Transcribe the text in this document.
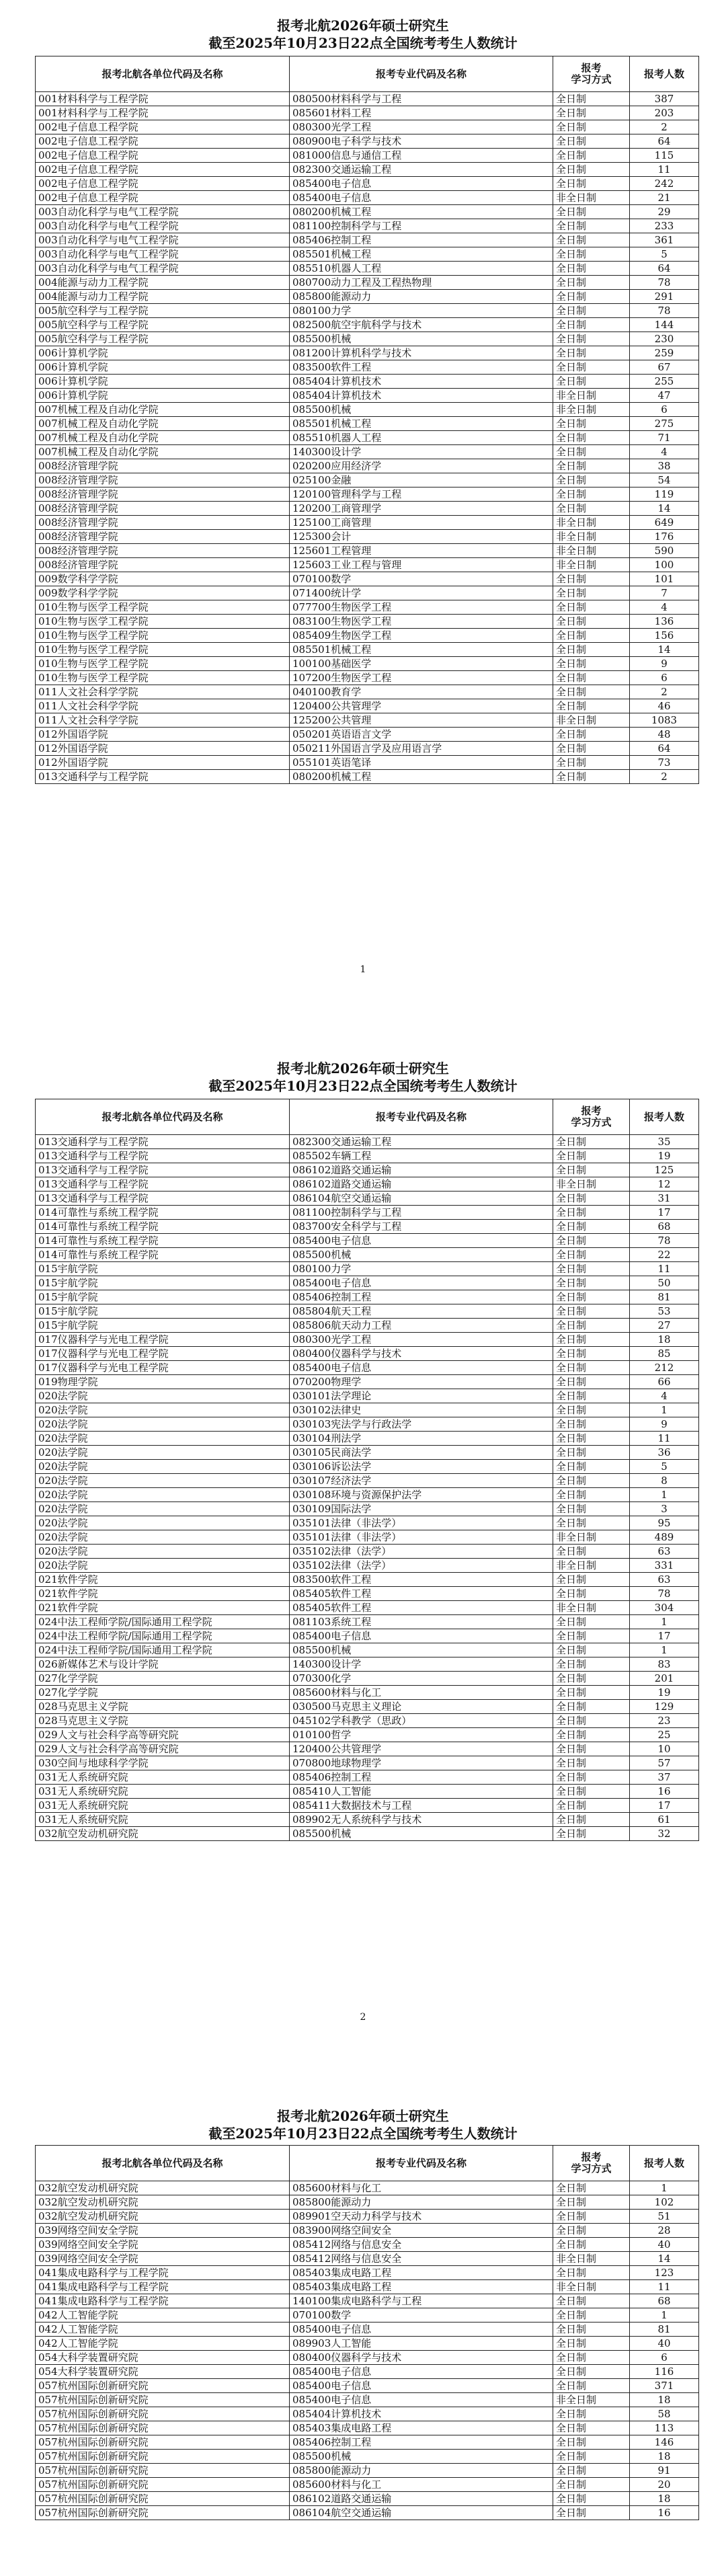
报考北航2026年硕士研究生
截至2025年10月23日22点全国统考考生人数统计
报考北航各单位代码及名称	报考专业代码及名称	报考
学习方式	报考人数
001材料科学与工程学院	080500材料科学与工程	全日制	387
001材料科学与工程学院	085601材料工程	全日制	203
002电子信息工程学院	080300光学工程	全日制	2
002电子信息工程学院	080900电子科学与技术	全日制	64
002电子信息工程学院	081000信息与通信工程	全日制	115
002电子信息工程学院	082300交通运输工程	全日制	11
002电子信息工程学院	085400电子信息	全日制	242
002电子信息工程学院	085400电子信息	非全日制	21
003自动化科学与电气工程学院	080200机械工程	全日制	29
003自动化科学与电气工程学院	081100控制科学与工程	全日制	233
003自动化科学与电气工程学院	085406控制工程	全日制	361
003自动化科学与电气工程学院	085501机械工程	全日制	5
003自动化科学与电气工程学院	085510机器人工程	全日制	64
004能源与动力工程学院	080700动力工程及工程热物理	全日制	78
004能源与动力工程学院	085800能源动力	全日制	291
005航空科学与工程学院	080100力学	全日制	78
005航空科学与工程学院	082500航空宇航科学与技术	全日制	144
005航空科学与工程学院	085500机械	全日制	230
006计算机学院	081200计算机科学与技术	全日制	259
006计算机学院	083500软件工程	全日制	67
006计算机学院	085404计算机技术	全日制	255
006计算机学院	085404计算机技术	非全日制	47
007机械工程及自动化学院	085500机械	非全日制	6
007机械工程及自动化学院	085501机械工程	全日制	275
007机械工程及自动化学院	085510机器人工程	全日制	71
007机械工程及自动化学院	140300设计学	全日制	4
008经济管理学院	020200应用经济学	全日制	38
008经济管理学院	025100金融	全日制	54
008经济管理学院	120100管理科学与工程	全日制	119
008经济管理学院	120200工商管理学	全日制	14
008经济管理学院	125100工商管理	非全日制	649
008经济管理学院	125300会计	非全日制	176
008经济管理学院	125601工程管理	非全日制	590
008经济管理学院	125603工业工程与管理	非全日制	100
009数学科学学院	070100数学	全日制	101
009数学科学学院	071400统计学	全日制	7
010生物与医学工程学院	077700生物医学工程	全日制	4
010生物与医学工程学院	083100生物医学工程	全日制	136
010生物与医学工程学院	085409生物医学工程	全日制	156
010生物与医学工程学院	085501机械工程	全日制	14
010生物与医学工程学院	100100基础医学	全日制	9
010生物与医学工程学院	107200生物医学工程	全日制	6
011人文社会科学学院	040100教育学	全日制	2
011人文社会科学学院	120400公共管理学	全日制	46
011人文社会科学学院	125200公共管理	非全日制	1083
012外国语学院	050201英语语言文学	全日制	48
012外国语学院	050211外国语言学及应用语言学	全日制	64
012外国语学院	055101英语笔译	全日制	73
013交通科学与工程学院	080200机械工程	全日制	2
1
报考北航2026年硕士研究生
截至2025年10月23日22点全国统考考生人数统计
报考北航各单位代码及名称	报考专业代码及名称	报考
学习方式	报考人数
013交通科学与工程学院	082300交通运输工程	全日制	35
013交通科学与工程学院	085502车辆工程	全日制	19
013交通科学与工程学院	086102道路交通运输	全日制	125
013交通科学与工程学院	086102道路交通运输	非全日制	12
013交通科学与工程学院	086104航空交通运输	全日制	31
014可靠性与系统工程学院	081100控制科学与工程	全日制	17
014可靠性与系统工程学院	083700安全科学与工程	全日制	68
014可靠性与系统工程学院	085400电子信息	全日制	78
014可靠性与系统工程学院	085500机械	全日制	22
015宇航学院	080100力学	全日制	11
015宇航学院	085400电子信息	全日制	50
015宇航学院	085406控制工程	全日制	81
015宇航学院	085804航天工程	全日制	53
015宇航学院	085806航天动力工程	全日制	27
017仪器科学与光电工程学院	080300光学工程	全日制	18
017仪器科学与光电工程学院	080400仪器科学与技术	全日制	85
017仪器科学与光电工程学院	085400电子信息	全日制	212
019物理学院	070200物理学	全日制	66
020法学院	030101法学理论	全日制	4
020法学院	030102法律史	全日制	1
020法学院	030103宪法学与行政法学	全日制	9
020法学院	030104刑法学	全日制	11
020法学院	030105民商法学	全日制	36
020法学院	030106诉讼法学	全日制	5
020法学院	030107经济法学	全日制	8
020法学院	030108环境与资源保护法学	全日制	1
020法学院	030109国际法学	全日制	3
020法学院	035101法律（非法学）	全日制	95
020法学院	035101法律（非法学）	非全日制	489
020法学院	035102法律（法学）	全日制	63
020法学院	035102法律（法学）	非全日制	331
021软件学院	083500软件工程	全日制	63
021软件学院	085405软件工程	全日制	78
021软件学院	085405软件工程	非全日制	304
024中法工程师学院/国际通用工程学院	081103系统工程	全日制	1
024中法工程师学院/国际通用工程学院	085400电子信息	全日制	17
024中法工程师学院/国际通用工程学院	085500机械	全日制	1
026新媒体艺术与设计学院	140300设计学	全日制	83
027化学学院	070300化学	全日制	201
027化学学院	085600材料与化工	全日制	19
028马克思主义学院	030500马克思主义理论	全日制	129
028马克思主义学院	045102学科教学（思政）	全日制	23
029人文与社会科学高等研究院	010100哲学	全日制	25
029人文与社会科学高等研究院	120400公共管理学	全日制	10
030空间与地球科学学院	070800地球物理学	全日制	57
031无人系统研究院	085406控制工程	全日制	37
031无人系统研究院	085410人工智能	全日制	16
031无人系统研究院	085411大数据技术与工程	全日制	17
031无人系统研究院	089902无人系统科学与技术	全日制	61
032航空发动机研究院	085500机械	全日制	32
2
报考北航2026年硕士研究生
截至2025年10月23日22点全国统考考生人数统计
报考北航各单位代码及名称	报考专业代码及名称	报考
学习方式	报考人数
032航空发动机研究院	085600材料与化工	全日制	1
032航空发动机研究院	085800能源动力	全日制	102
032航空发动机研究院	089901空天动力科学与技术	全日制	51
039网络空间安全学院	083900网络空间安全	全日制	28
039网络空间安全学院	085412网络与信息安全	全日制	40
039网络空间安全学院	085412网络与信息安全	非全日制	14
041集成电路科学与工程学院	085403集成电路工程	全日制	123
041集成电路科学与工程学院	085403集成电路工程	非全日制	11
041集成电路科学与工程学院	140100集成电路科学与工程	全日制	68
042人工智能学院	070100数学	全日制	1
042人工智能学院	085400电子信息	全日制	81
042人工智能学院	089903人工智能	全日制	40
054大科学装置研究院	080400仪器科学与技术	全日制	6
054大科学装置研究院	085400电子信息	全日制	116
057杭州国际创新研究院	085400电子信息	全日制	371
057杭州国际创新研究院	085400电子信息	非全日制	18
057杭州国际创新研究院	085404计算机技术	全日制	58
057杭州国际创新研究院	085403集成电路工程	全日制	113
057杭州国际创新研究院	085406控制工程	全日制	146
057杭州国际创新研究院	085500机械	全日制	18
057杭州国际创新研究院	085800能源动力	全日制	91
057杭州国际创新研究院	085600材料与化工	全日制	20
057杭州国际创新研究院	086102道路交通运输	全日制	18
057杭州国际创新研究院	086104航空交通运输	全日制	16
